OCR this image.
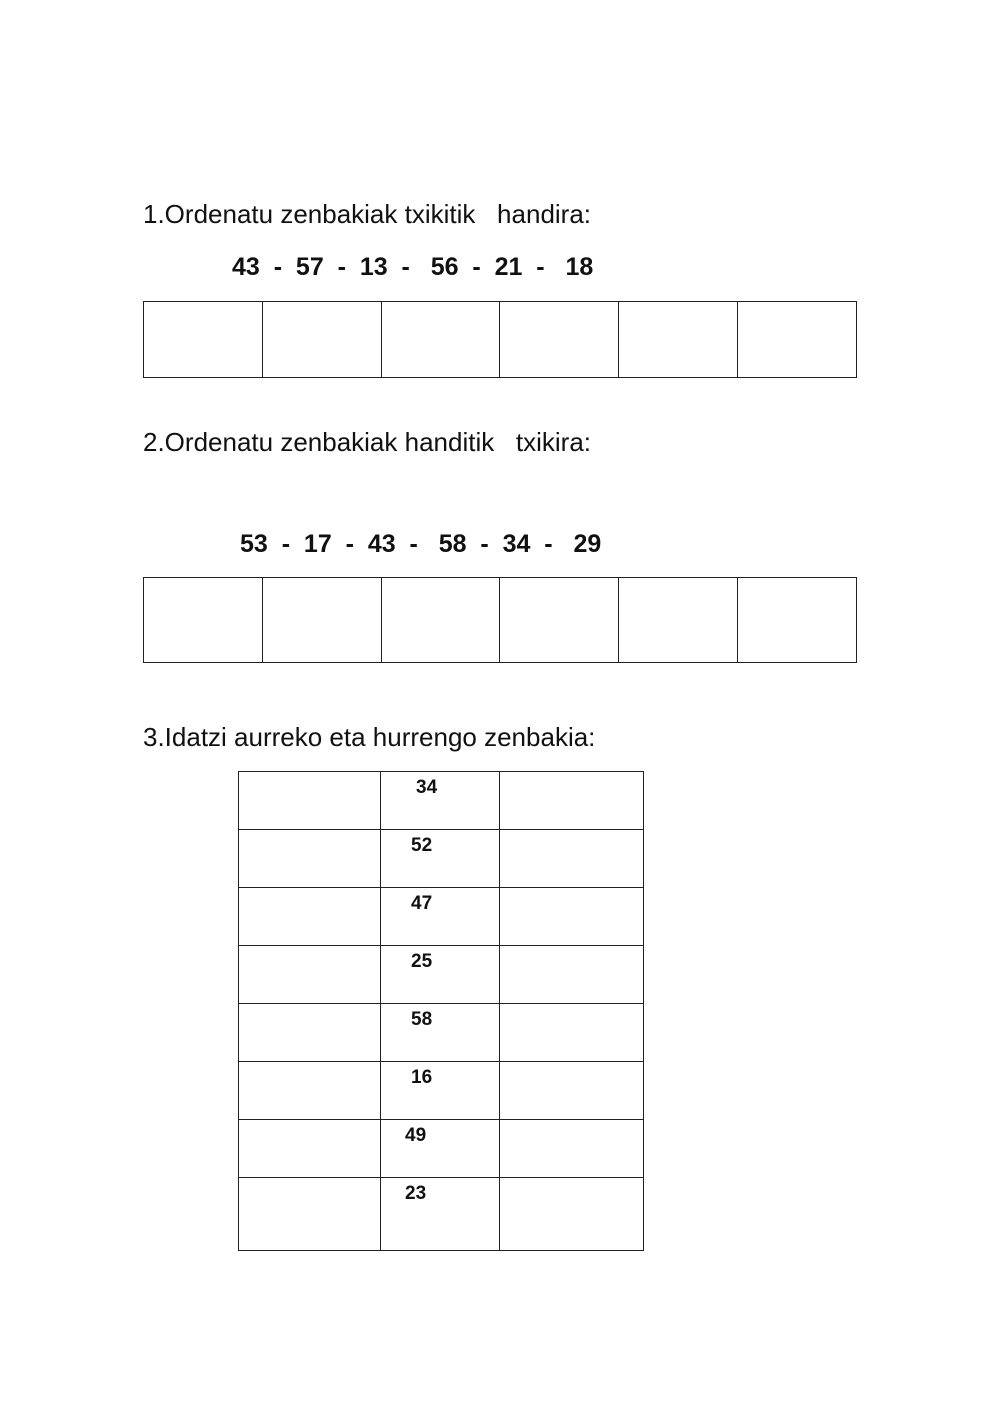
1.Ordenatu zenbakiak txikitik   handira:
43  -  57  -  13  -   56  -  21  -   18

2.Ordenatu zenbakiak handitik   txikira:
53  -  17  -  43  -   58  -  34  -   29

3.Idatzi aurreko eta hurrengo zenbakia:
	34	
	52	
	47	
	25	
	58	
	16	
	49	
	23	
